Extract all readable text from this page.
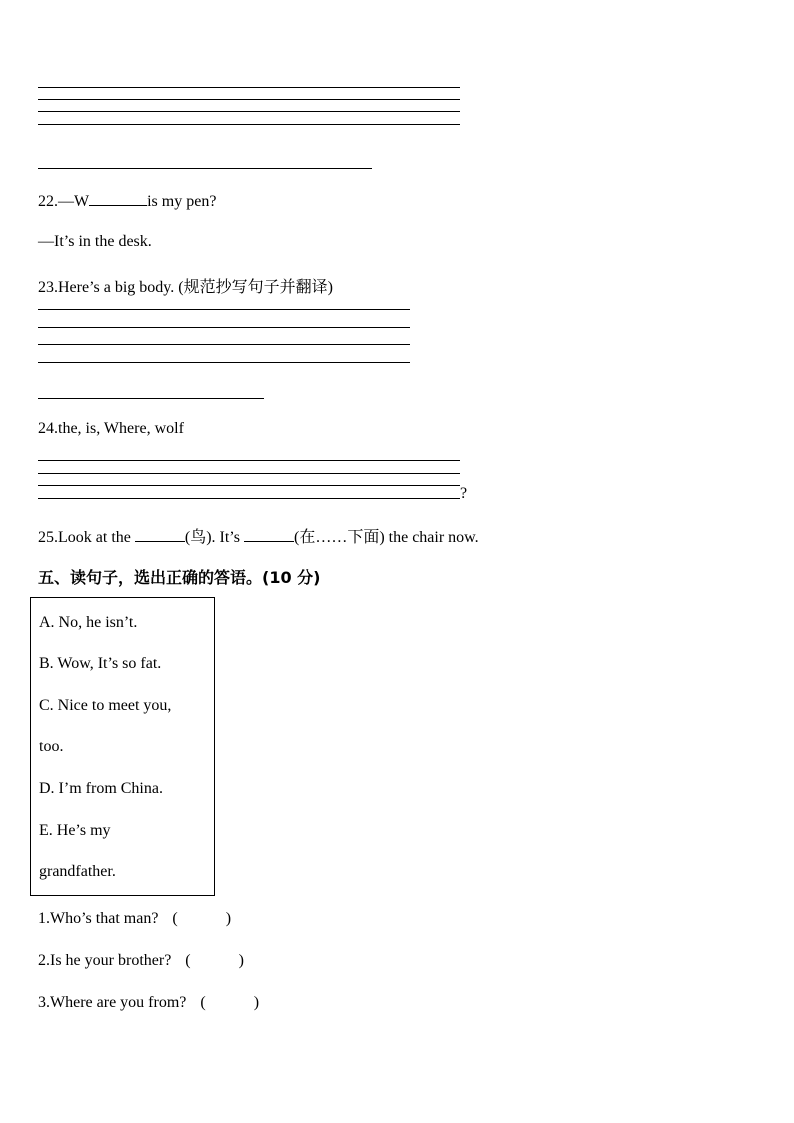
22.—W	is my pen?
—It’s in the desk.
23.Here’s a big body. (规范抄写句子并翻译)
24.the, is, Where, wolf
?
25.Look at the	(鸟). It’s	(在……下面) the chair now.
五、读句子，选出正确的答语。(10 分)
A. No, he isn’t.
B. Wow, It’s so fat.
C. Nice to meet you,
too.
D. I’m from China.
E. He’s my
grandfather.
1.Who’s that man? (	)
2.Is he your brother? (	)
3.Where are you from? (	)
